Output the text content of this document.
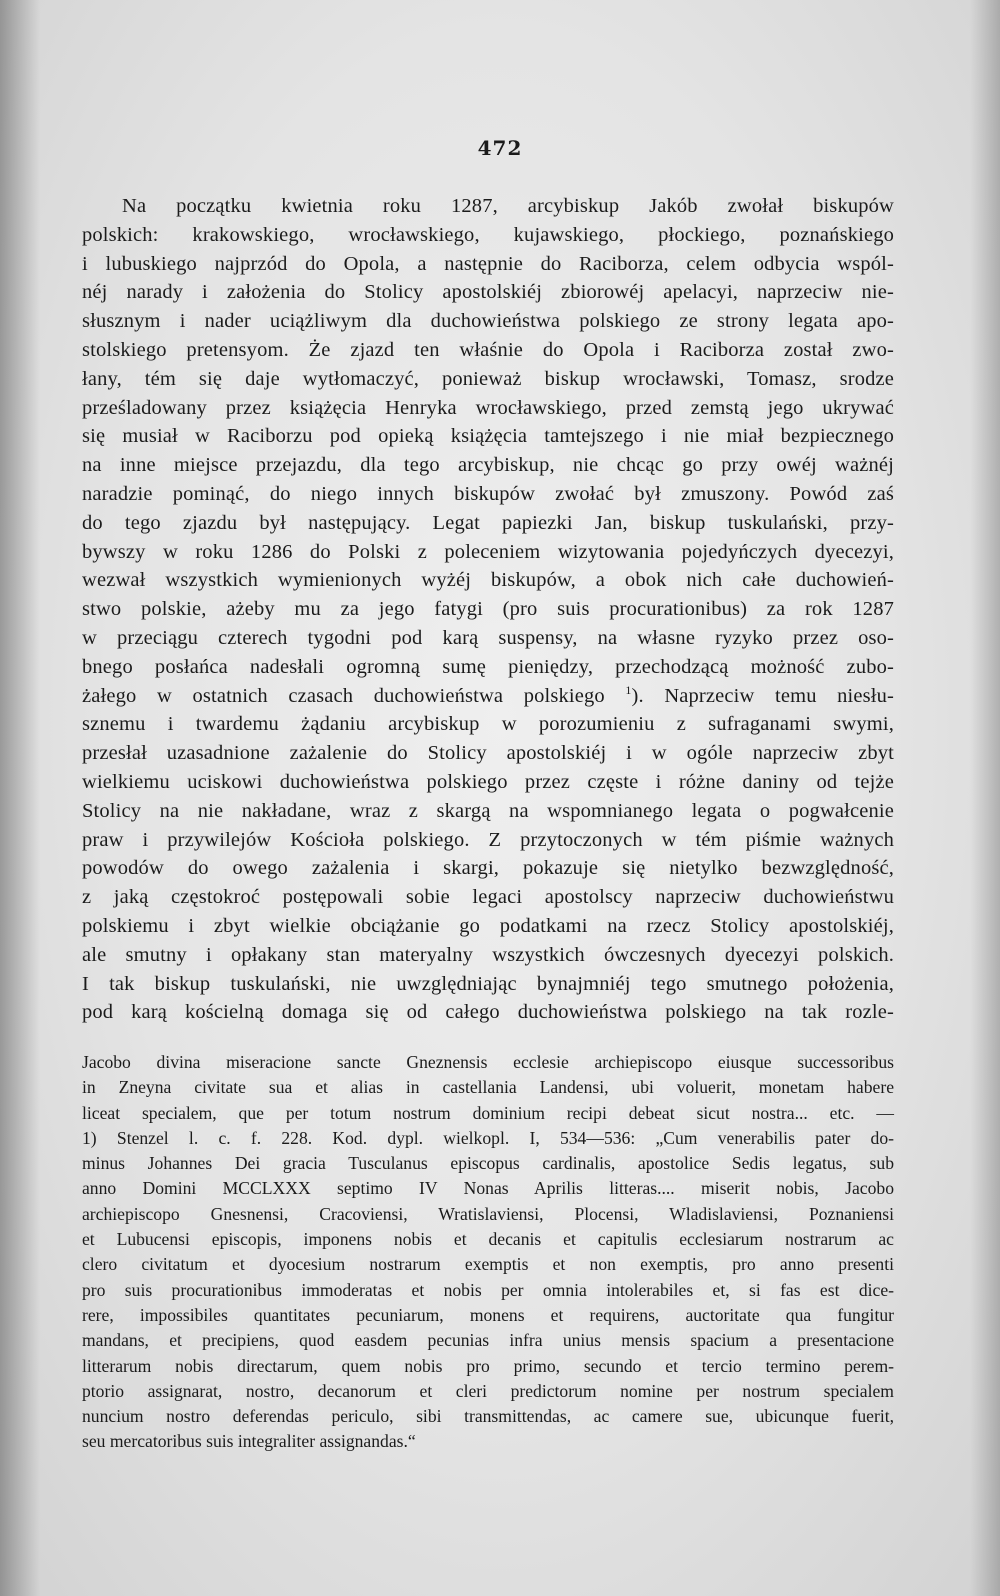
472
Na początku kwietnia roku 1287, arcybiskup Jakób zwołał biskupów
polskich: krakowskiego, wrocławskiego, kujawskiego, płockiego, poznańskiego
i lubuskiego najprzód do Opola, a następnie do Raciborza, celem odbycia wspól-
néj narady i założenia do Stolicy apostolskiéj zbiorowéj apelacyi, naprzeciw nie-
słusznym i nader uciążliwym dla duchowieństwa polskiego ze strony legata apo-
stolskiego pretensyom. Że zjazd ten właśnie do Opola i Raciborza został zwo-
łany, tém się daje wytłomaczyć, ponieważ biskup wrocławski, Tomasz, srodze
prześladowany przez książęcia Henryka wrocławskiego, przed zemstą jego ukrywać
się musiał w Raciborzu pod opieką książęcia tamtejszego i nie miał bezpiecznego
na inne miejsce przejazdu, dla tego arcybiskup, nie chcąc go przy owéj ważnéj
naradzie pominąć, do niego innych biskupów zwołać był zmuszony. Powód zaś
do tego zjazdu był następujący. Legat papiezki Jan, biskup tuskulański, przy-
bywszy w roku 1286 do Polski z poleceniem wizytowania pojedyńczych dyecezyi,
wezwał wszystkich wymienionych wyżéj biskupów, a obok nich całe duchowień-
stwo polskie, ażeby mu za jego fatygi (pro suis procurationibus) za rok 1287
w przeciągu czterech tygodni pod karą suspensy, na własne ryzyko przez oso-
bnego posłańca nadesłali ogromną sumę pieniędzy, przechodzącą możność zubo-
żałego w ostatnich czasach duchowieństwa polskiego $^1$). Naprzeciw temu niesłu-
sznemu i twardemu żądaniu arcybiskup w porozumieniu z sufraganami swymi,
przesłał uzasadnione zażalenie do Stolicy apostolskiéj i w ogóle naprzeciw zbyt
wielkiemu uciskowi duchowieństwa polskiego przez częste i różne daniny od tejże
Stolicy na nie nakładane, wraz z skargą na wspomnianego legata o pogwałcenie
praw i przywilejów Kościoła polskiego. Z przytoczonych w tém piśmie ważnych
powodów do owego zażalenia i skargi, pokazuje się nietylko bezwzględność,
z jaką częstokroć postępowali sobie legaci apostolscy naprzeciw duchowieństwu
polskiemu i zbyt wielkie obciążanie go podatkami na rzecz Stolicy apostolskiéj,
ale smutny i opłakany stan materyalny wszystkich ówczesnych dyecezyi polskich.
I tak biskup tuskulański, nie uwzględniając bynajmniéj tego smutnego położenia,
pod karą kościelną domaga się od całego duchowieństwa polskiego na tak rozle-
Jacobo divina miseracione sancte Gneznensis ecclesie archiepiscopo eiusque successoribus
in Zneyna civitate sua et alias in castellania Landensi, ubi voluerit, monetam habere
liceat specialem, que per totum nostrum dominium recipi debeat sicut nostra... etc. —
1) Stenzel l. c. f. 228. Kod. dypl. wielkopl. I, 534—536: „Cum venerabilis pater do-
minus Johannes Dei gracia Tusculanus episcopus cardinalis, apostolice Sedis legatus, sub
anno Domini MCCLXXX septimo IV Nonas Aprilis litteras.... miserit nobis, Jacobo
archiepiscopo Gnesnensi, Cracoviensi, Wratislaviensi, Plocensi, Wladislaviensi, Poznaniensi
et Lubucensi episcopis, imponens nobis et decanis et capitulis ecclesiarum nostrarum ac
clero civitatum et dyocesium nostrarum exemptis et non exemptis, pro anno presenti
pro suis procurationibus immoderatas et nobis per omnia intolerabiles et, si fas est dice-
rere, impossibiles quantitates pecuniarum, monens et requirens, auctoritate qua fungitur
mandans, et precipiens, quod easdem pecunias infra unius mensis spacium a presentacione
litterarum nobis directarum, quem nobis pro primo, secundo et tercio termino perem-
ptorio assignarat, nostro, decanorum et cleri predictorum nomine per nostrum specialem
nuncium nostro deferendas periculo, sibi transmittendas, ac camere sue, ubicunque fuerit,
seu mercatoribus suis integraliter assignandas.“
